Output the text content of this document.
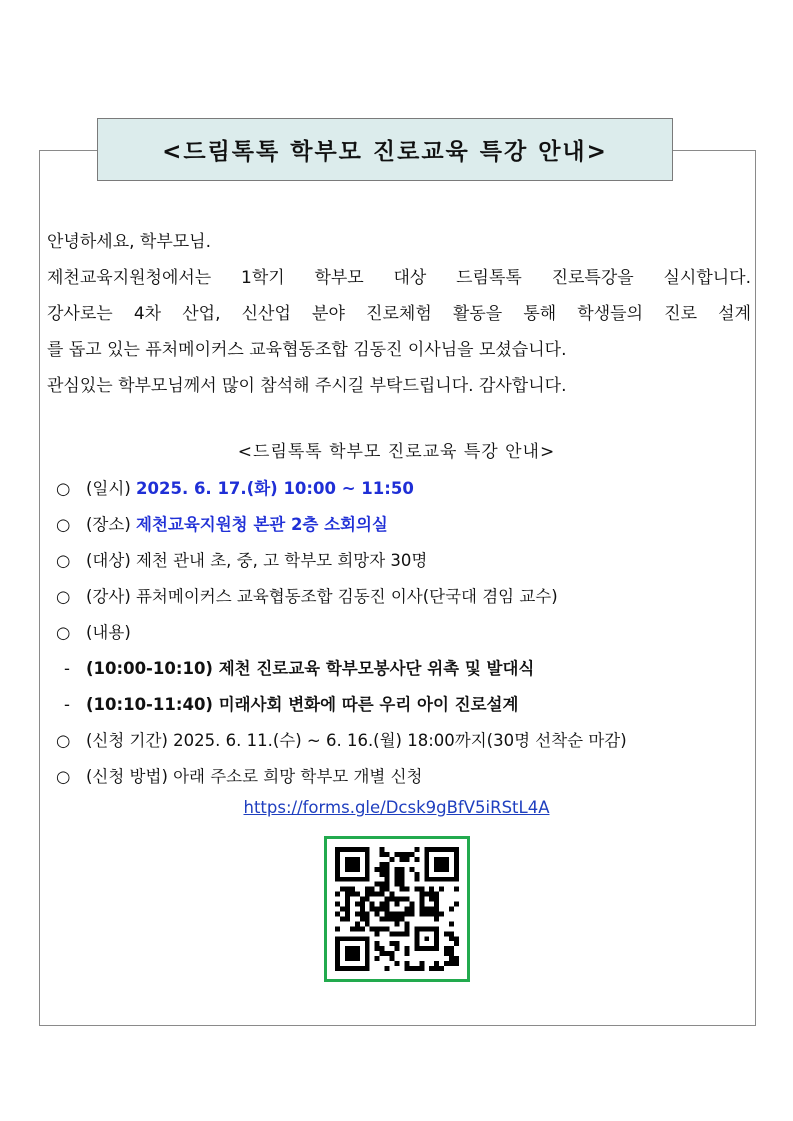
<드림톡톡 학부모 진로교육 특강 안내>

안녕하세요, 학부모님.

제천교육지원청에서는 1학기 학부모 대상 드림톡톡 진로특강을 실시합니다.

강사로는 4차 산업, 신산업 분야 진로체험 활동을 통해 학생들의 진로 설계

를 돕고 있는 퓨처메이커스 교육협동조합 김동진 이사님을 모셨습니다.

관심있는 학부모님께서 많이 참석해 주시길 부탁드립니다. 감사합니다.

<드림톡톡 학부모 진로교육 특강 안내>
○ (일시)
2025. 6. 17.(화) 10:00 ~ 11:50
○ (장소)
제천교육지원청 본관 2층 소회의실
○ (대상) 제천 관내 초, 중, 고 학부모 희망자 30명
○ (강사) 퓨처메이커스 교육협동조합 김동진 이사(단국대 겸임 교수)
○ (내용)
- (10:00-10:10) 제천 진로교육 학부모봉사단 위촉 및 발대식
- (10:10-11:40) 미래사회 변화에 따른 우리 아이 진로설계
○ (신청 기간) 2025. 6. 11.(수) ~ 6. 16.(월) 18:00까지(30명 선착순 마감)
○ (신청 방법) 아래 주소로 희망 학부모 개별 신청
https://forms.gle/Dcsk9gBfV5iRStL4A
